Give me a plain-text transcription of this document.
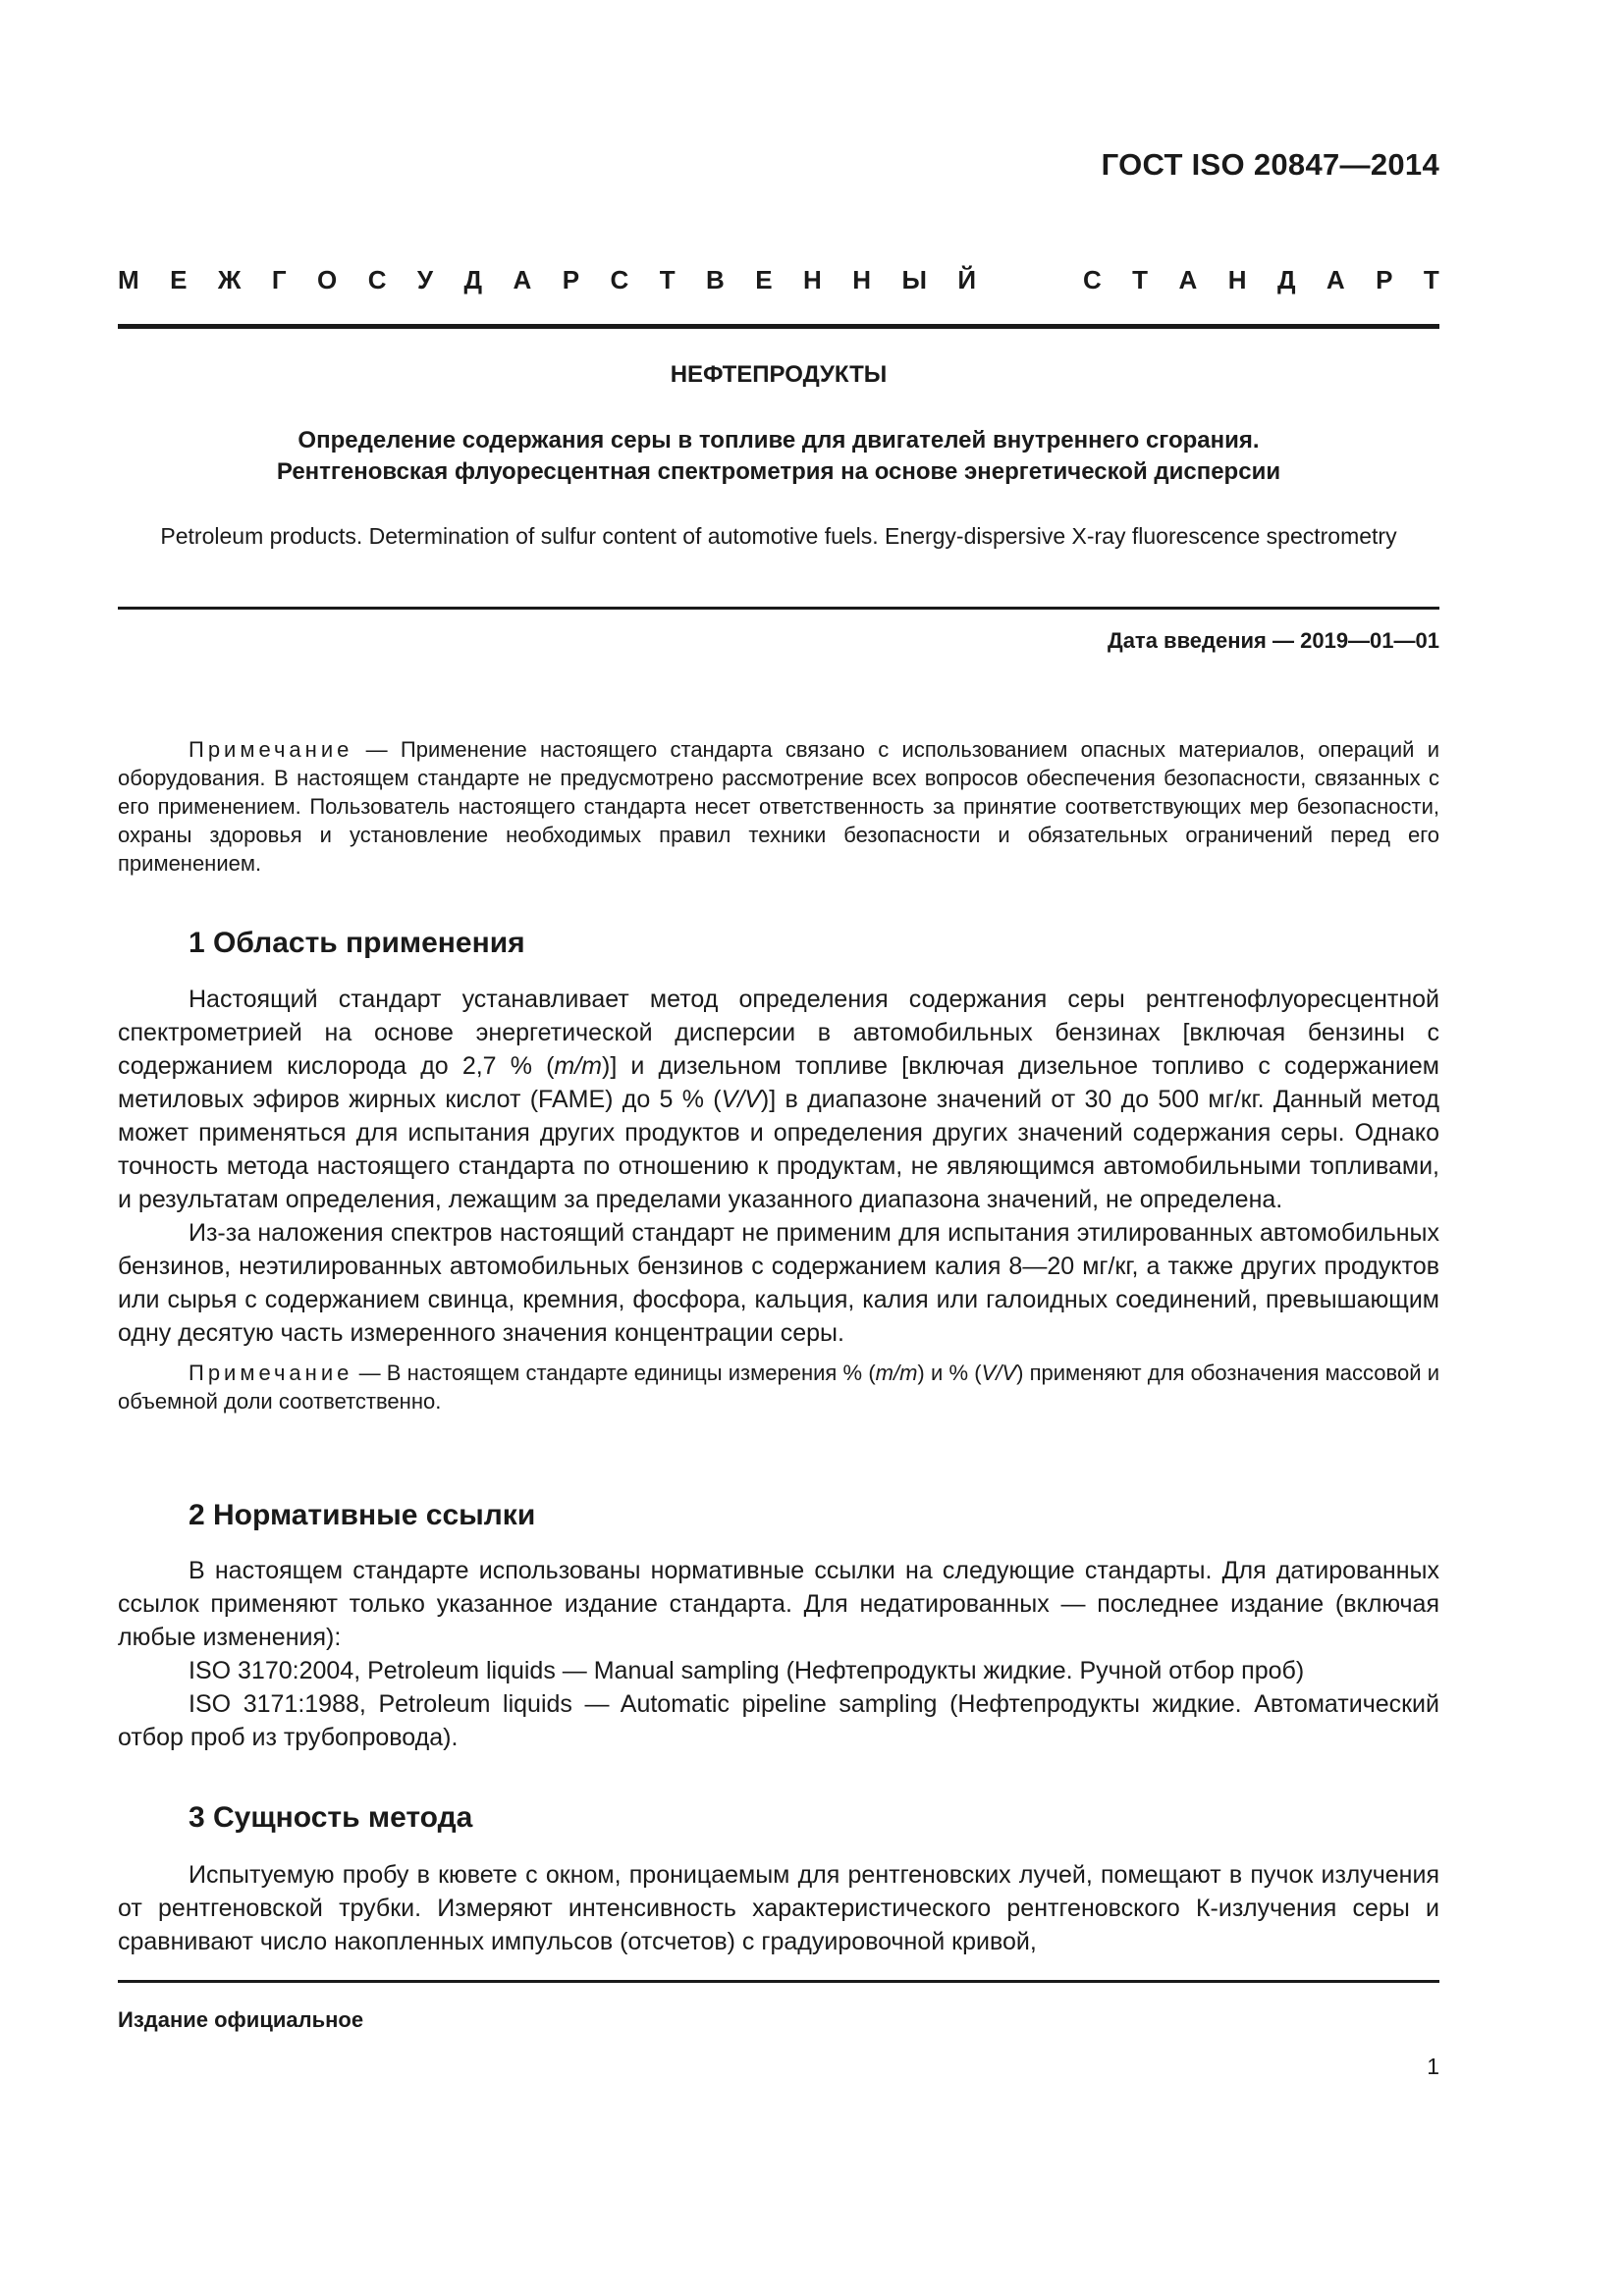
ГОСТ ISO 20847—2014
М Е Ж Г О С У Д А Р С Т В Е Н Н Ы Й	С Т А Н Д А Р Т
НЕФТЕПРОДУКТЫ
Определение содержания серы в топливе для двигателей внутреннего сгорания.
Рентгеновская флуоресцентная спектрометрия на основе энергетической дисперсии
Petroleum products. Determination of sulfur content of automotive fuels. Energy-dispersive X-ray fluorescence spectrometry
Дата введения — 2019—01—01

Примечание — Применение настоящего стандарта связано с использованием опасных материалов, операций и оборудования. В настоящем стандарте не предусмотрено рассмотрение всех вопросов обеспечения безопасности, связанных с его применением. Пользователь настоящего стандарта несет ответственность за принятие соответствующих мер безопасности, охраны здоровья и установление необходимых правил техники безопасности и обязательных ограничений перед его применением.

1 Область применения

Настоящий стандарт устанавливает метод определения содержания серы рентгенофлуоресцентной спектрометрией на основе энергетической дисперсии в автомобильных бензинах [включая бензины с содержанием кислорода до 2,7 % (m/m)] и дизельном топливе [включая дизельное топливо с содержанием метиловых эфиров жирных кислот (FAME) до 5 % (V/V)] в диапазоне значений от 30 до 500 мг/кг. Данный метод может применяться для испытания других продуктов и определения других значений содержания серы. Однако точность метода настоящего стандарта по отношению к продуктам, не являющимся автомобильными топливами, и результатам определения, лежащим за пределами указанного диапазона значений, не определена.

Из-за наложения спектров настоящий стандарт не применим для испытания этилированных автомобильных бензинов, неэтилированных автомобильных бензинов с содержанием калия 8—20 мг/кг, а также других продуктов или сырья с содержанием свинца, кремния, фосфора, кальция, калия или галоидных соединений, превышающим одну десятую часть измеренного значения концентрации серы.

Примечание — В настоящем стандарте единицы измерения % (m/m) и % (V/V) применяют для обозначения массовой и объемной доли соответственно.

2 Нормативные ссылки

В настоящем стандарте использованы нормативные ссылки на следующие стандарты. Для датированных ссылок применяют только указанное издание стандарта. Для недатированных — последнее издание (включая любые изменения):

ISO 3170:2004, Petroleum liquids — Manual sampling (Нефтепродукты жидкие. Ручной отбор проб)

ISO 3171:1988, Petroleum liquids — Automatic pipeline sampling (Нефтепродукты жидкие. Автоматический отбор проб из трубопровода).

3 Сущность метода

Испытуемую пробу в кювете с окном, проницаемым для рентгеновских лучей, помещают в пучок излучения от рентгеновской трубки. Измеряют интенсивность характеристического рентгеновского К-излучения серы и сравнивают число накопленных импульсов (отсчетов) с градуировочной кривой,

Издание официальное
1
